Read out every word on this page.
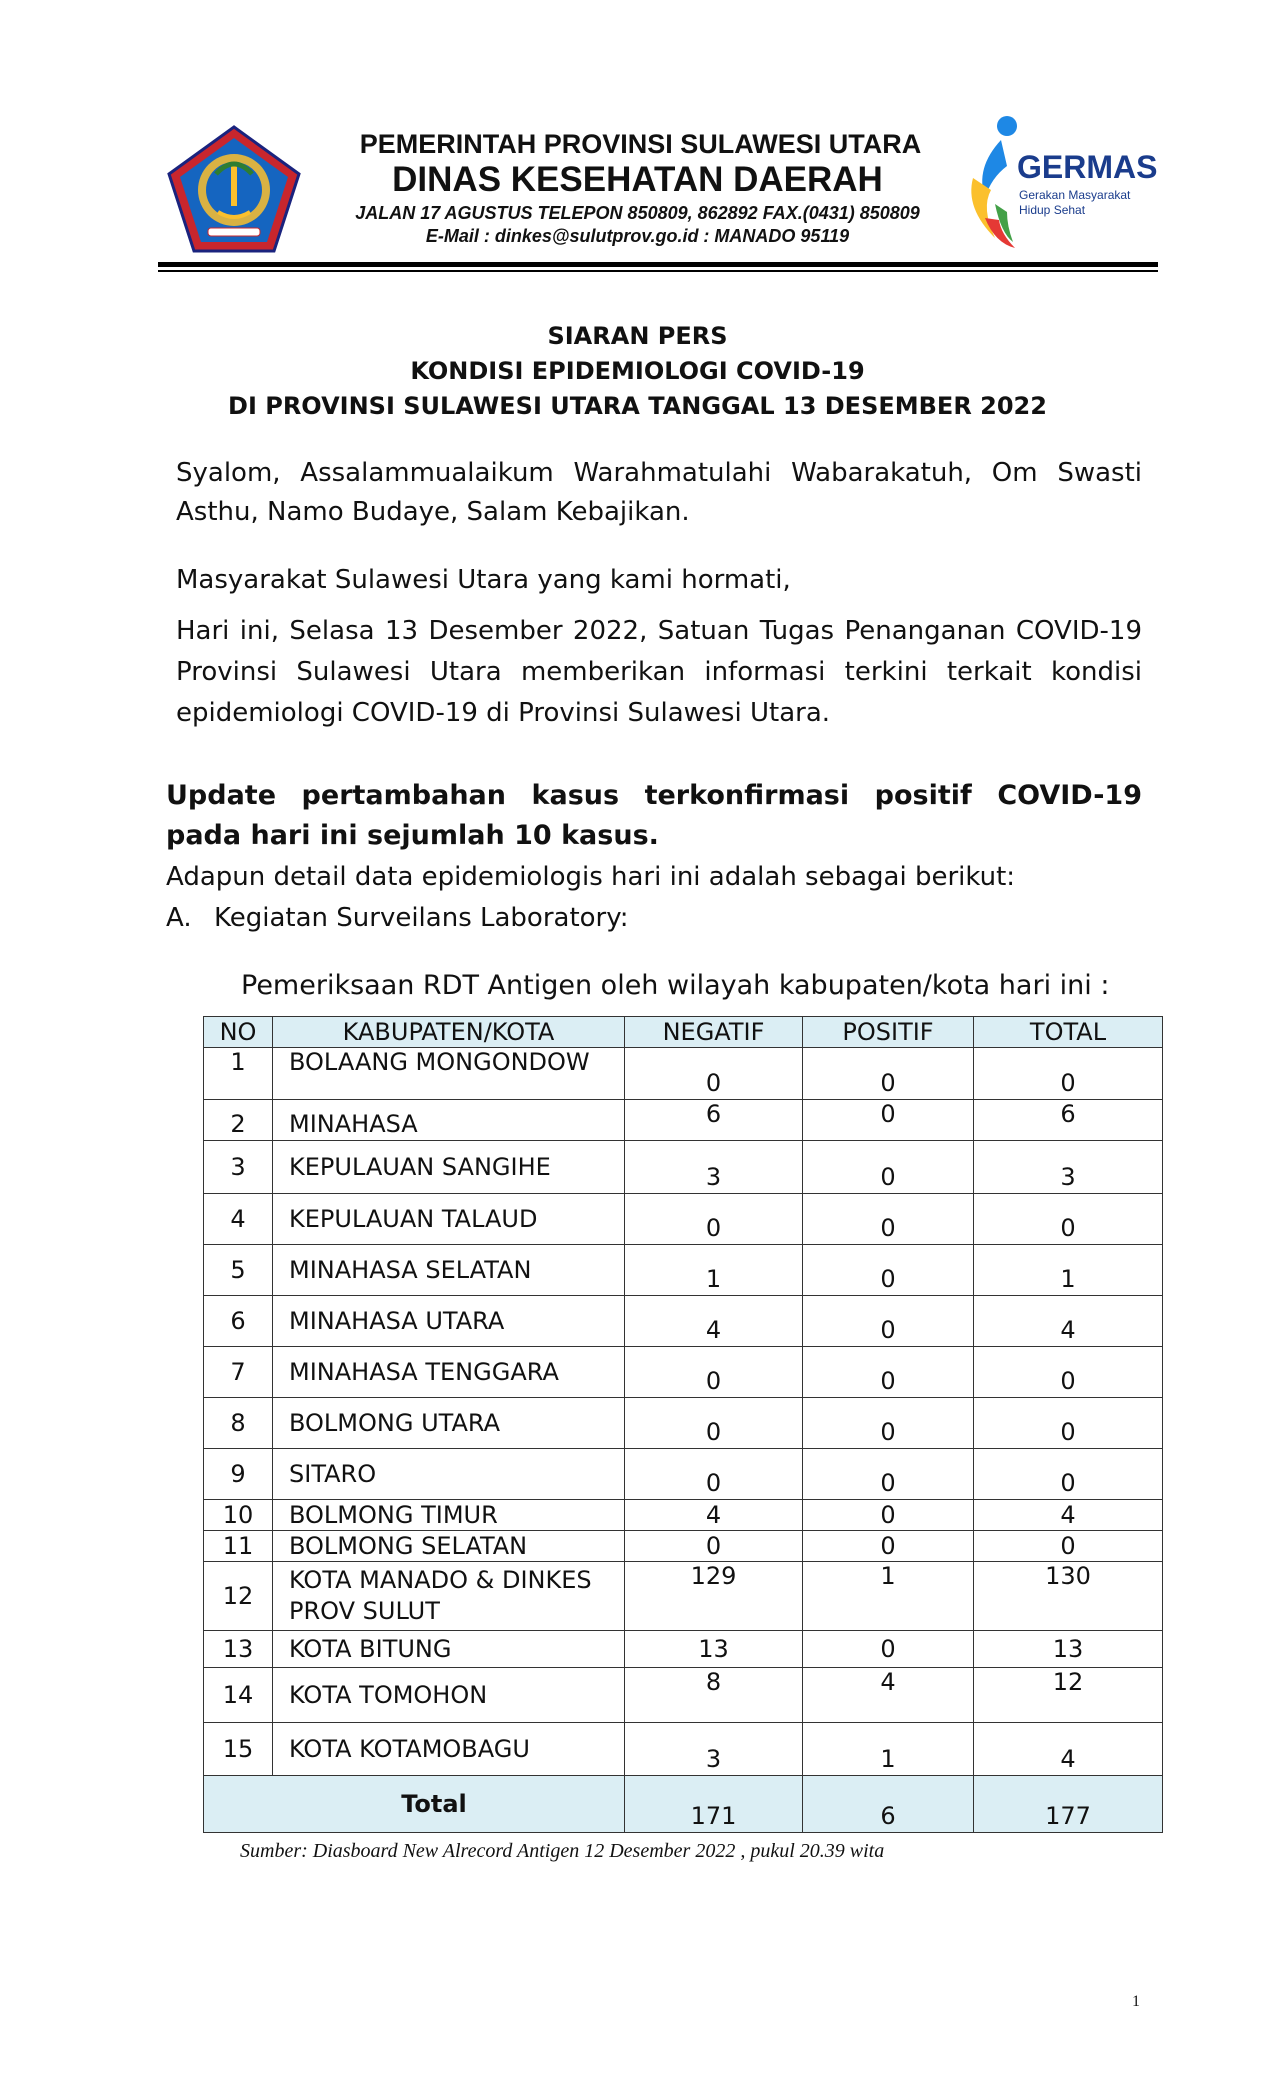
PEMERINTAH PROVINSI SULAWESI UTARA
DINAS KESEHATAN DAERAH
JALAN 17 AGUSTUS TELEPON 850809, 862892 FAX.(0431) 850809
E-Mail : dinkes@sulutprov.go.id : MANADO 95119
GERMAS
Gerakan Masyarakat
Hidup Sehat
SIARAN PERS
KONDISI EPIDEMIOLOGI COVID-19
DI PROVINSI SULAWESI UTARA TANGGAL 13 DESEMBER 2022
Syalom, Assalammualaikum Warahmatulahi Wabarakatuh, Om Swasti Asthu, Namo Budaye, Salam Kebajikan.
Masyarakat Sulawesi Utara yang kami hormati,
Hari ini, Selasa 13 Desember 2022, Satuan Tugas Penanganan COVID-19 Provinsi Sulawesi Utara memberikan informasi terkini terkait kondisi epidemiologi COVID-19 di Provinsi Sulawesi Utara.
Update pertambahan kasus terkonfirmasi positif COVID-19 pada hari ini sejumlah 10 kasus.
Adapun detail data epidemiologis hari ini adalah sebagai berikut:
A. Kegiatan Surveilans Laboratory:
Pemeriksaan RDT Antigen oleh wilayah kabupaten/kota hari ini :
NO	KABUPATEN/KOTA	NEGATIF	POSITIF	TOTAL
1	BOLAANG MONGONDOW	0	0	0
2	MINAHASA	6	0	6
3	KEPULAUAN SANGIHE	3	0	3
4	KEPULAUAN TALAUD	0	0	0
5	MINAHASA SELATAN	1	0	1
6	MINAHASA UTARA	4	0	4
7	MINAHASA TENGGARA	0	0	0
8	BOLMONG UTARA	0	0	0
9	SITARO	0	0	0
10	BOLMONG TIMUR	4	0	4
11	BOLMONG SELATAN	0	0	0
12	KOTA MANADO & DINKES PROV SULUT	129	1	130
13	KOTA BITUNG	13	0	13
14	KOTA TOMOHON	8	4	12
15	KOTA KOTAMOBAGU	3	1	4
Total		171	6	177
Sumber: Diasboard New Alrecord Antigen 12 Desember 2022 , pukul 20.39 wita
1
